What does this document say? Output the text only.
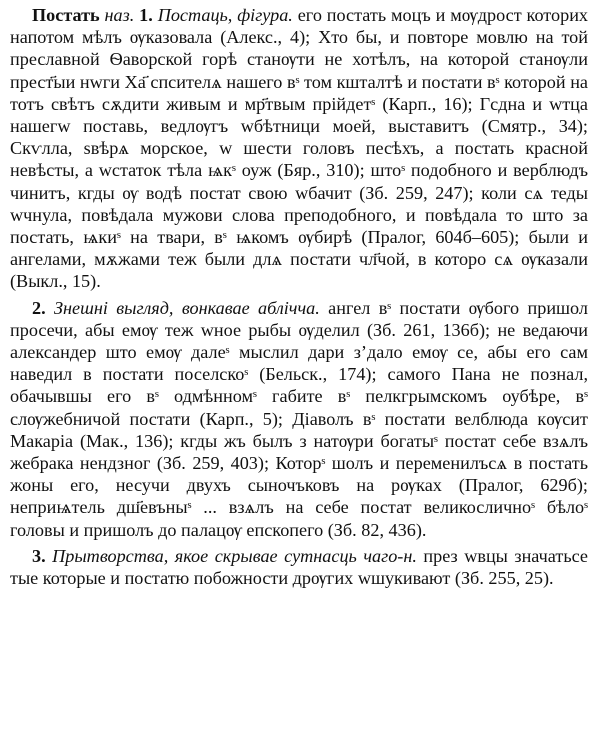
Постать наз. 1. Постаць, фігура. его постать моцъ и мѹдрост которих напотом мѣлъ ѹказовала (Алекс., 4); Хто бы, и повторе мовлю на той преславной Ѳаворской горѣ станѹти не хотѣлъ, на которой станѹли прест҃ыи нwги Ха҃ спсителѧ нашего вˢ том кшталтѣ и постати вˢ которой на тотъ свѣтъ сѫдити живым и мр҃твым прійдетˢ (Карп., 16); Гсдна и wтца нашегw поставь, ведлѹгъ wбѣтници моей, выставитъ (Смятр., 34); Скѵлла, ѕвѣрѧ морское, w шести головъ песѣхъ, а постать красной невѣсты, а wстаток тѣла ѩкˢ оуж (Бяр., 310); штоˢ подобного и верблюдъ чинитъ, кгды ѹ водѣ постат свою wбачит (Зб. 259, 247); коли сѧ теды wчнула, повѣдала мужови слова преподобного, и повѣдала то што за постать, ѩкиˢ на твари, вˢ ѩкомъ ѹбирѣ (Пралог, 604б–605); были и ангелами, мѫжами теж были длѧ постати чл҃чой, в которо сѧ ѹказали (Выкл., 15).

2. Знешні выгляд, вонкавае аблічча. ангел вˢ постати ѹбого пришол просечи, абы емѹ теж wное рыбы ѹделил (Зб. 261, 136б); не ведаючи александер што емѹ далеˢ мыслил дари зʼдало емѹ се, абы его сам наведил в постати поселскоˢ (Бельск., 174); самого Пана не познал, обачывшы его вˢ одмѣнномˢ габите вˢ пелкгрымскомъ оубѣре, вˢ слѹжебничой постати (Карп., 5); Діаволъ вˢ постати велблюда кѹсит Макаріа (Мак., 136); кгды жъ былъ з натѹри богатыˢ постат себе взѧлъ жебрака нендзног (Зб. 259, 403); Которˢ шолъ и переменилъсѧ в постать жоны его, несучи двухъ сыночъковъ на рѹках (Пралог, 629б); неприѩтель дш҃евъныˢ ... взѧлъ на себе постат великосличноˢ бѣлоˢ головы и пришолъ до палацѹ епскопего (Зб. 82, 436).

3. Прытворства, якое скрывае сутнасць чаго-н. през wвцы значатьсе тые которые и постатю побожности дрѹгих wшукивают (Зб. 255, 25).
